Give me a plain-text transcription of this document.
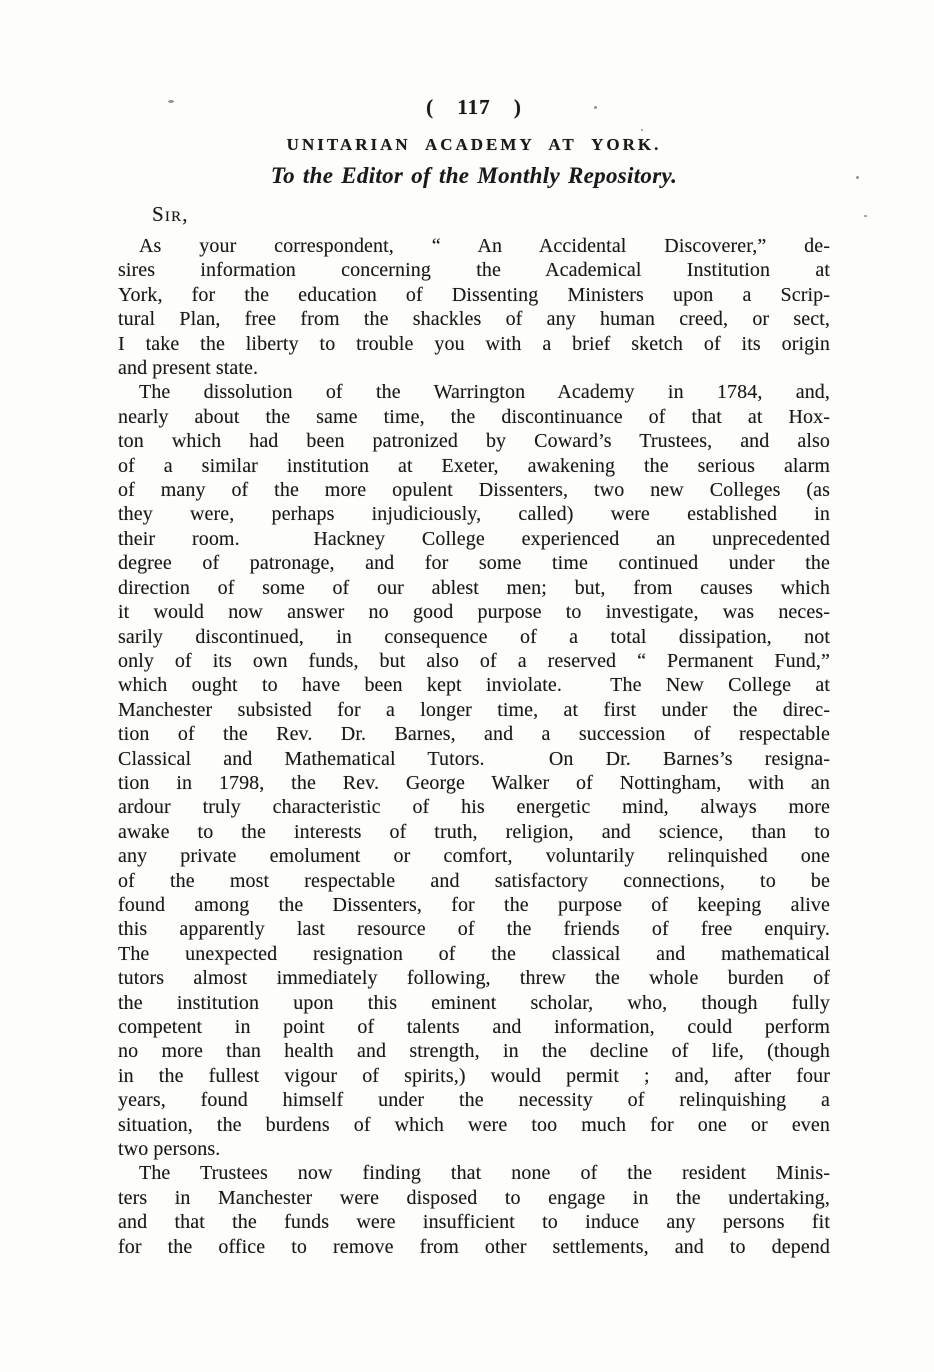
( 117 )
UNITARIAN ACADEMY AT YORK.
To the Editor of the Monthly Repository.
Sir,
As your correspondent, “ An Accidental Discoverer,” de-
sires information concerning the Academical Institution at
York, for the education of Dissenting Ministers upon a Scrip-
tural Plan, free from the shackles of any human creed, or sect,
I take the liberty to trouble you with a brief sketch of its origin
and present state.
The dissolution of the Warrington Academy in 1784, and,
nearly about the same time, the discontinuance of that at Hox-
ton which had been patronized by Coward’s Trustees, and also
of a similar institution at Exeter, awakening the serious alarm
of many of the more opulent Dissenters, two new Colleges (as
they were, perhaps injudiciously, called) were established in
their room.  Hackney College experienced an unprecedented
degree of patronage, and for some time continued under the
direction of some of our ablest men; but, from causes which
it would now answer no good purpose to investigate, was neces-
sarily discontinued, in consequence of a total dissipation, not
only of its own funds, but also of a reserved “ Permanent Fund,”
which ought to have been kept inviolate.  The New College at
Manchester subsisted for a longer time, at first under the direc-
tion of the Rev. Dr. Barnes, and a succession of respectable
Classical and Mathematical Tutors.  On Dr. Barnes’s resigna-
tion in 1798, the Rev. George Walker of Nottingham, with an
ardour truly characteristic of his energetic mind, always more
awake to the interests of truth, religion, and science, than to
any private emolument or comfort, voluntarily relinquished one
of the most respectable and satisfactory connections, to be
found among the Dissenters, for the purpose of keeping alive
this apparently last resource of the friends of free enquiry.
The unexpected resignation of the classical and mathematical
tutors almost immediately following, threw the whole burden of
the institution upon this eminent scholar, who, though fully
competent in point of talents and information, could perform
no more than health and strength, in the decline of life, (though
in the fullest vigour of spirits,) would permit ; and, after four
years, found himself under the necessity of relinquishing a
situation, the burdens of which were too much for one or even
two persons.
The Trustees now finding that none of the resident Minis-
ters in Manchester were disposed to engage in the undertaking,
and that the funds were insufficient to induce any persons fit
for the office to remove from other settlements, and to depend
